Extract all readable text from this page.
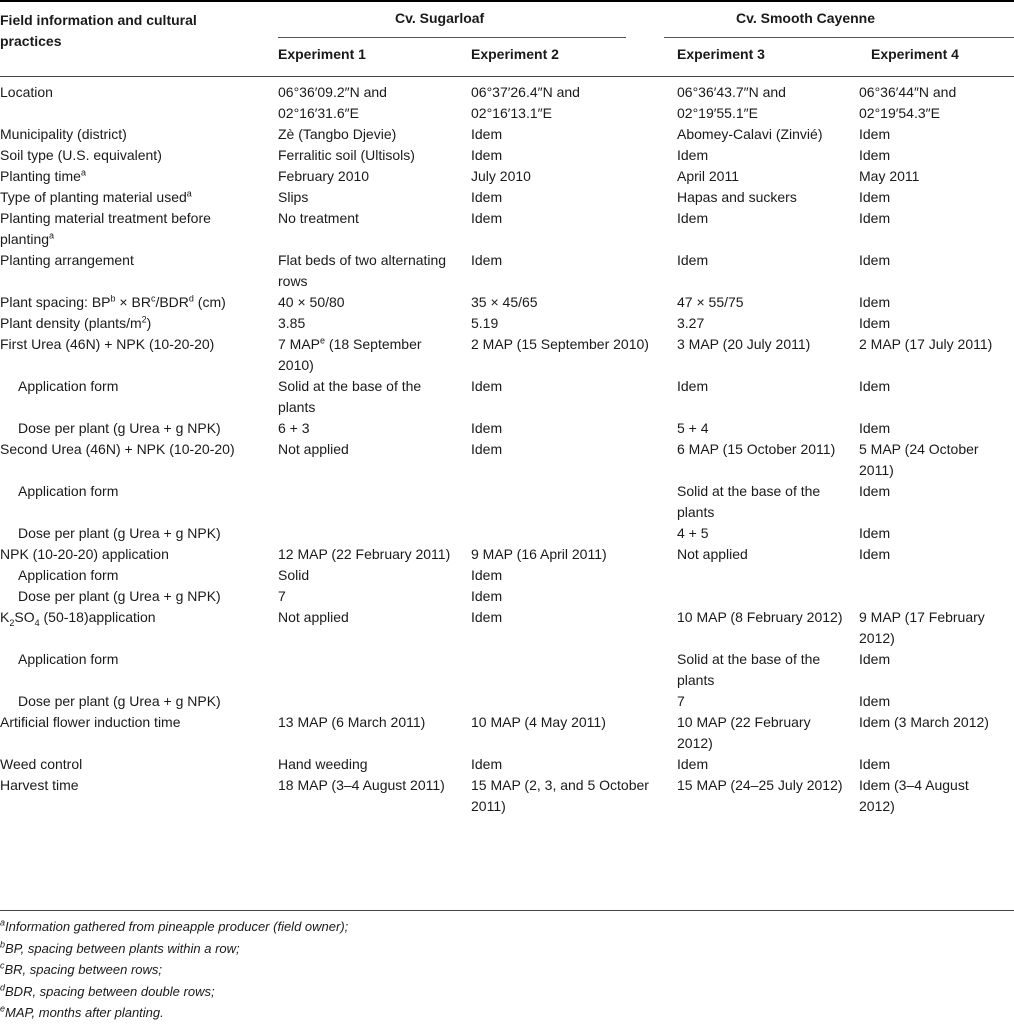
Field information and cultural practices
Cv. Sugarloaf	Cv. Smooth Cayenne
Experiment 1	Experiment 2	Experiment 3	Experiment 4
Location	06°36′09.2″N and 02°16′31.6″E	06°37′26.4″N and 02°16′13.1″E	06°36′43.7″N and 02°19′55.1″E	06°36′44″N and 02°19′54.3″E
Municipality (district)	Zè (Tangbo Djevie)	Idem	Abomey-Calavi (Zinvié)	Idem
Soil type (U.S. equivalent)	Ferralitic soil (Ultisols)	Idem	Idem	Idem
Planting time$^a$	February 2010	July 2010	April 2011	May 2011
Type of planting material used$^a$	Slips	Idem	Hapas and suckers	Idem
Planting material treatment before planting$^a$	No treatment	Idem	Idem	Idem
Planting arrangement	Flat beds of two alternating rows	Idem	Idem	Idem
Plant spacing: $BP^b \times BR^c/BDR^d$ (cm)	40 × 50/80	35 × 45/65	47 × 55/75	Idem
Plant density $(plants/m^2)$	3.85	5.19	3.27	Idem
First Urea (46N) + NPK (10-20-20)	7 MAP$^e$ (18 September 2010)	2 MAP (15 September 2010)	3 MAP (20 July 2011)	2 MAP (17 July 2011)
Application form	Solid at the base of the plants	Idem	Idem	Idem
Dose per plant (g Urea + g NPK)	6 + 3	Idem	5 + 4	Idem
Second Urea (46N) + NPK (10-20-20)	Not applied	Idem	6 MAP (15 October 2011)	5 MAP (24 October 2011)
Application form			Solid at the base of the plants	Idem
Dose per plant (g Urea + g NPK)			4 + 5	Idem
NPK (10-20-20) application	12 MAP (22 February 2011)	9 MAP (16 April 2011)	Not applied	Idem
Application form	Solid	Idem		
Dose per plant (g Urea + g NPK)	7	Idem		
$K_2SO_4$ (50-18)application	Not applied	Idem	10 MAP (8 February 2012)	9 MAP (17 February 2012)
Application form			Solid at the base of the plants	Idem
Dose per plant (g Urea + g NPK)			7	Idem
Artificial flower induction time	13 MAP (6 March 2011)	10 MAP (4 May 2011)	10 MAP (22 February 2012)	Idem (3 March 2012)
Weed control	Hand weeding	Idem	Idem	Idem
Harvest time	18 MAP (3–4 August 2011)	15 MAP (2, 3, and 5 October 2011)	15 MAP (24–25 July 2012)	Idem (3–4 August 2012)
$^a$Information gathered from pineapple producer (field owner);
$^b$BP, spacing between plants within a row;
$^c$BR, spacing between rows;
$^d$BDR, spacing between double rows;
$^e$MAP, months after planting.
